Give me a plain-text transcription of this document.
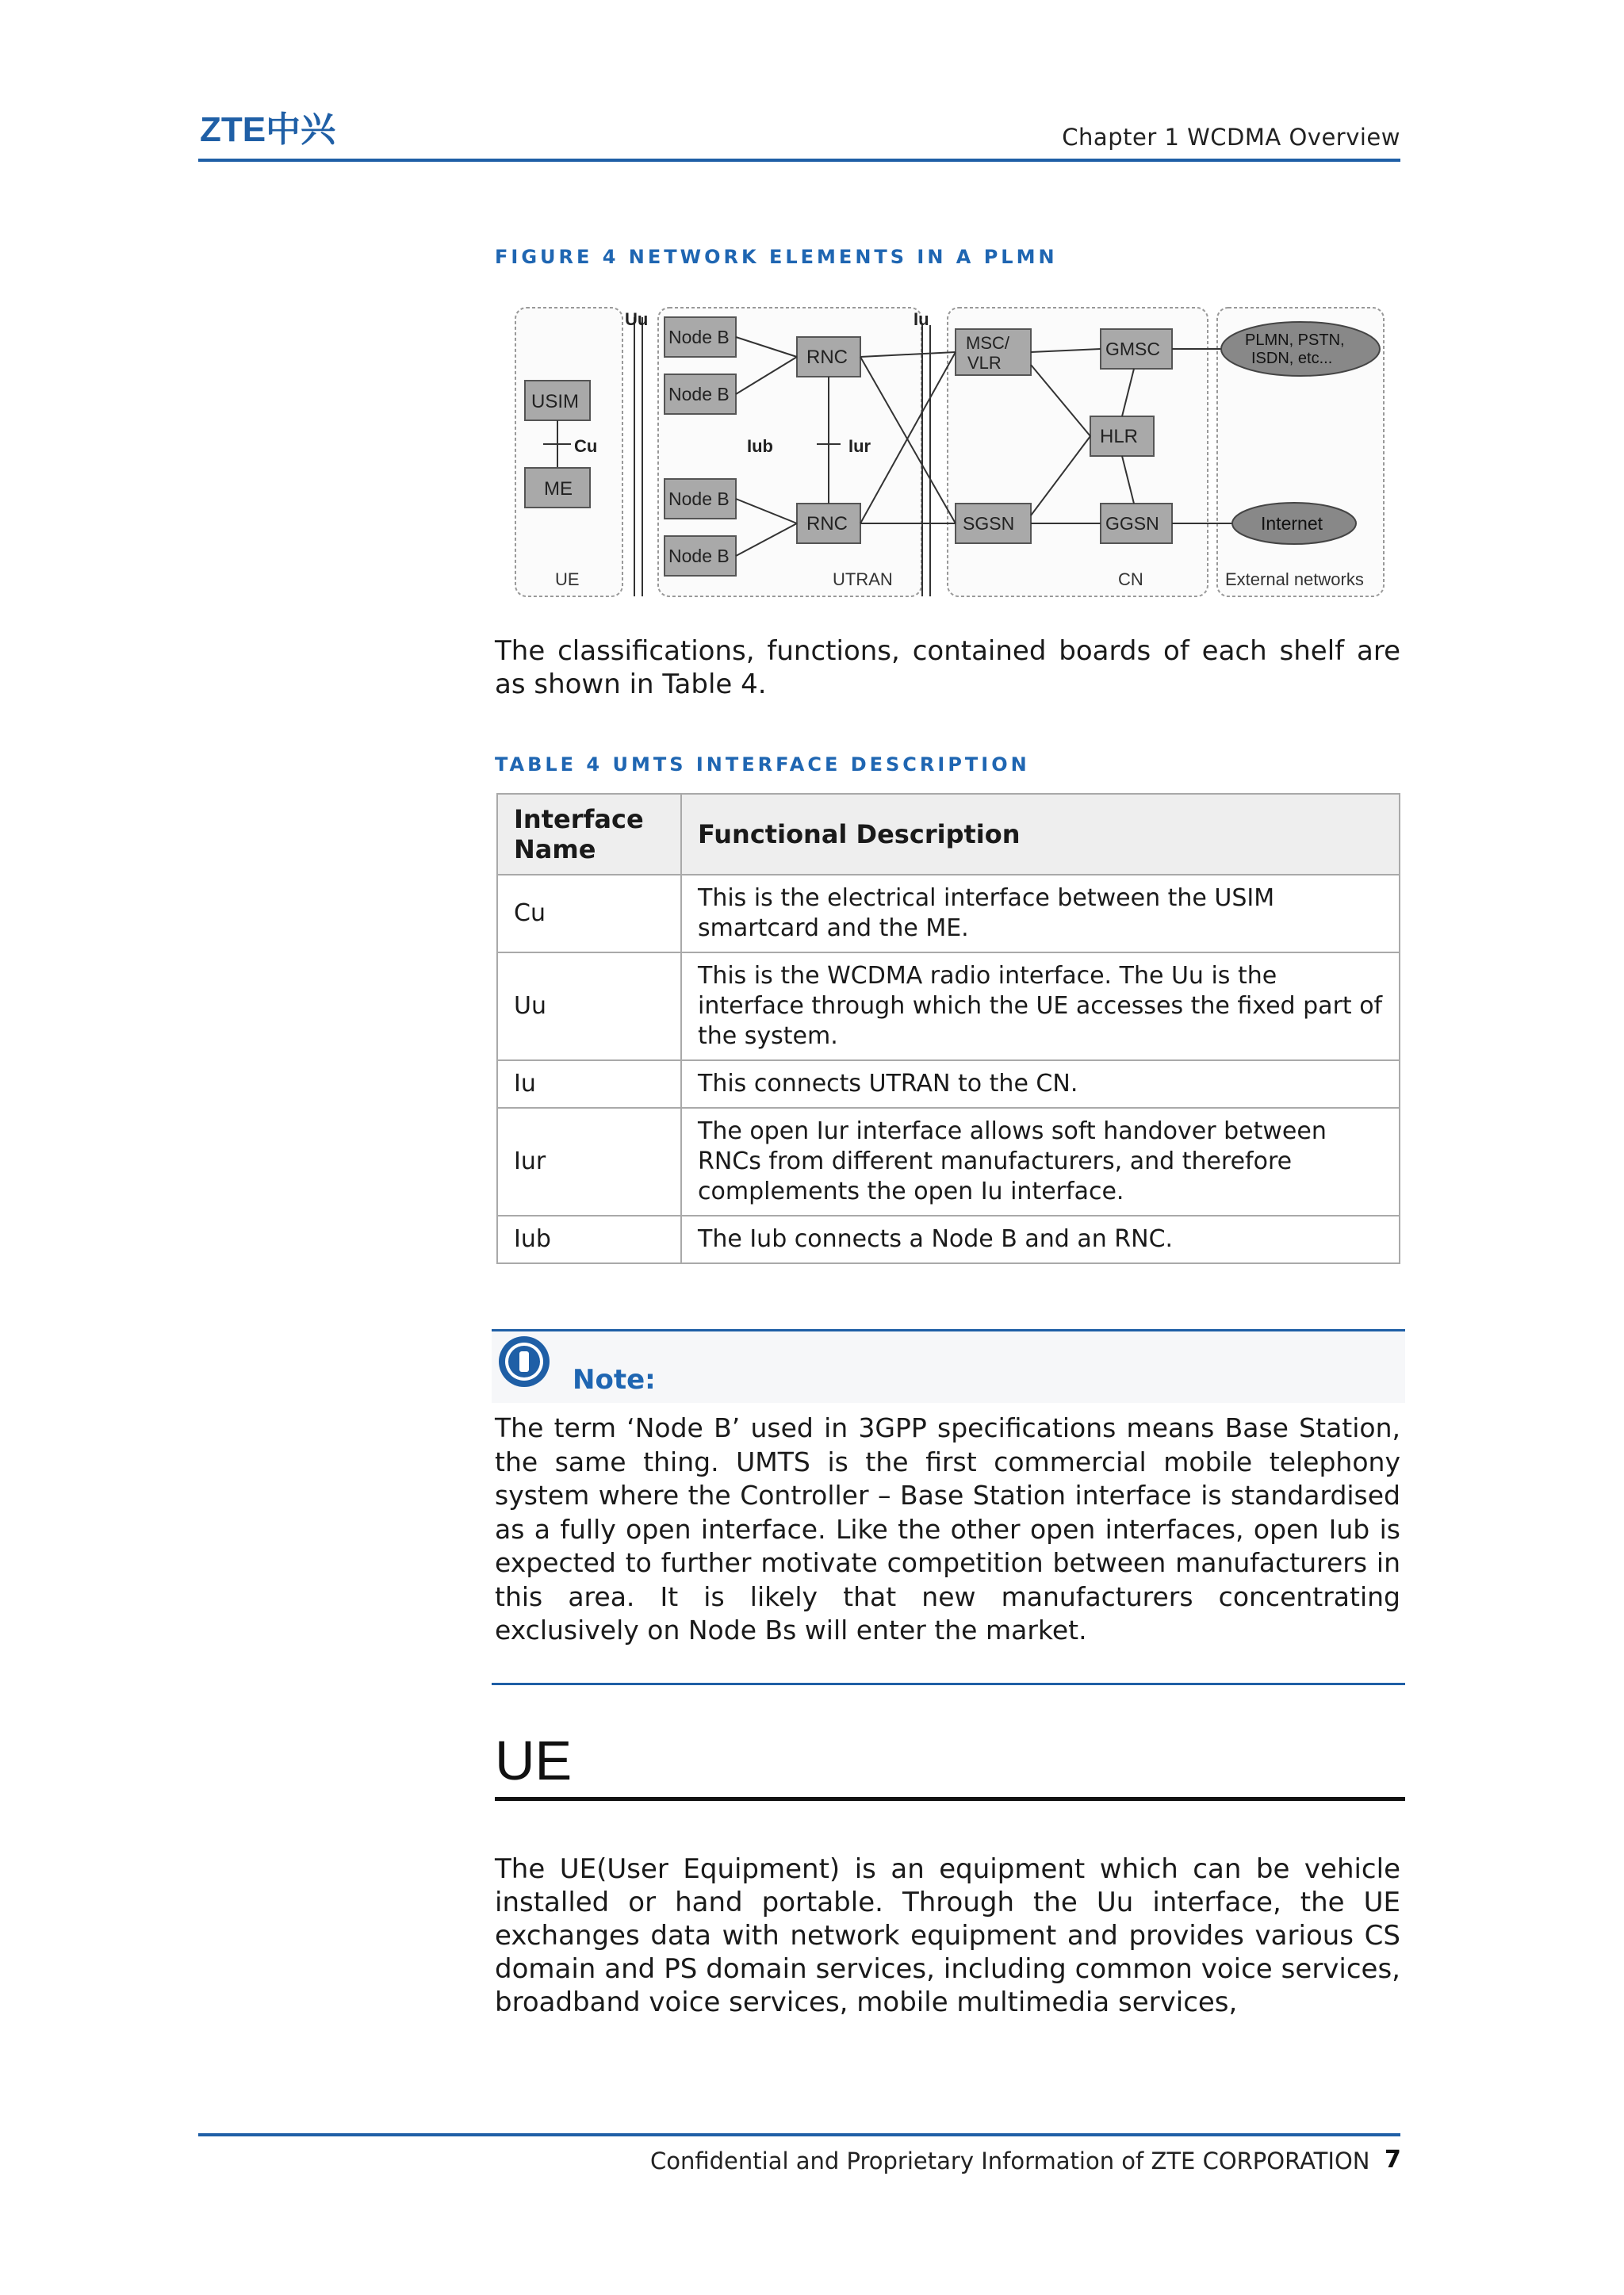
ZTE中兴	Chapter 1 WCDMA Overview
FIGURE 4 NETWORK ELEMENTS IN A PLMN
Uu	Iu
USIM
Cu
ME
UE
Node B
Node B
Node B
Node B
RNC
RNC
Iub	Iur
UTRAN
MSC/
VLR
SGSN
GMSC
HLR
GGSN
CN
PLMN, PSTN,
ISDN, etc...
Internet
External networks
The classifications, functions, contained boards of each shelf are as shown in Table 4.
TABLE 4 UMTS INTERFACE DESCRIPTION
Interface Name	Functional Description
Cu	This is the electrical interface between the USIM smartcard and the ME.
Uu	This is the WCDMA radio interface. The Uu is the interface through which the UE accesses the fixed part of the system.
Iu	This connects UTRAN to the CN.
Iur	The open Iur interface allows soft handover between RNCs from different manufacturers, and therefore complements the open Iu interface.
Iub	The Iub connects a Node B and an RNC.
Note:
The term ‘Node B’ used in 3GPP specifications means Base Station, the same thing. UMTS is the first commercial mobile telephony system where the Controller – Base Station interface is standardised as a fully open interface. Like the other open interfaces, open Iub is expected to further motivate competition between manufacturers in this area. It is likely that new manufacturers concentrating exclusively on Node Bs will enter the market.
UE
The UE(User Equipment) is an equipment which can be vehicle installed or hand portable. Through the Uu interface, the UE exchanges data with network equipment and provides various CS domain and PS domain services, including common voice services, broadband voice services, mobile multimedia services,
Confidential and Proprietary Information of ZTE CORPORATION 7
